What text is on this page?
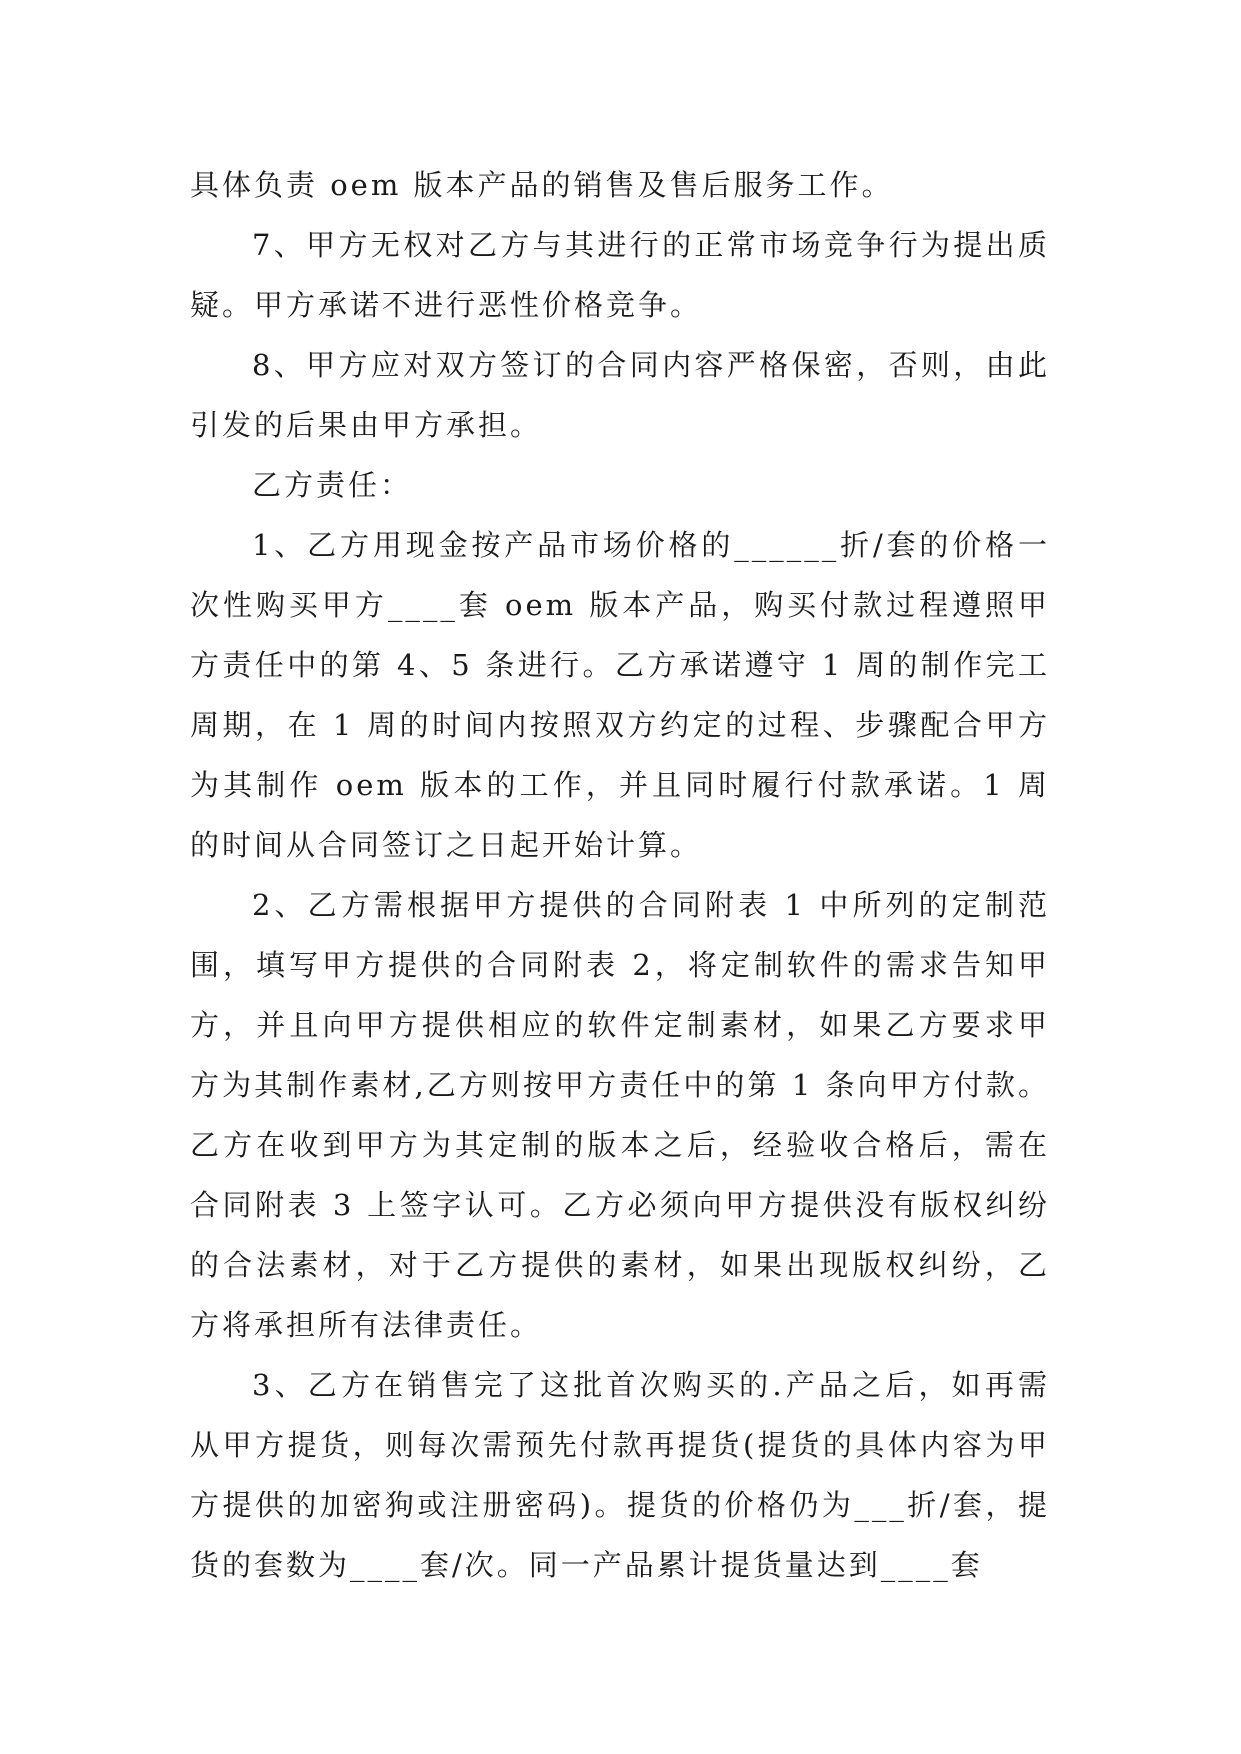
具体负责 oem 版本产品的销售及售后服务工作。

7、甲方无权对乙方与其进行的正常市场竞争行为提出质疑。甲方承诺不进行恶性价格竞争。

8、甲方应对双方签订的合同内容严格保密，否则，由此引发的后果由甲方承担。

乙方责任：

1、乙方用现金按产品市场价格的______折/套的价格一次性购买甲方____套 oem 版本产品，购买付款过程遵照甲方责任中的第 4、5 条进行。乙方承诺遵守 1 周的制作完工周期，在 1 周的时间内按照双方约定的过程、步骤配合甲方为其制作 oem 版本的工作，并且同时履行付款承诺。1 周的时间从合同签订之日起开始计算。

2、乙方需根据甲方提供的合同附表 1 中所列的定制范围，填写甲方提供的合同附表 2，将定制软件的需求告知甲方，并且向甲方提供相应的软件定制素材，如果乙方要求甲方为其制作素材,乙方则按甲方责任中的第 1 条向甲方付款。乙方在收到甲方为其定制的版本之后，经验收合格后，需在合同附表 3 上签字认可。乙方必须向甲方提供没有版权纠纷的合法素材，对于乙方提供的素材，如果出现版权纠纷，乙方将承担所有法律责任。

3、乙方在销售完了这批首次购买的.产品之后，如再需从甲方提货，则每次需预先付款再提货(提货的具体内容为甲方提供的加密狗或注册密码)。提货的价格仍为___折/套，提货的套数为____套/次。同一产品累计提货量达到____套
